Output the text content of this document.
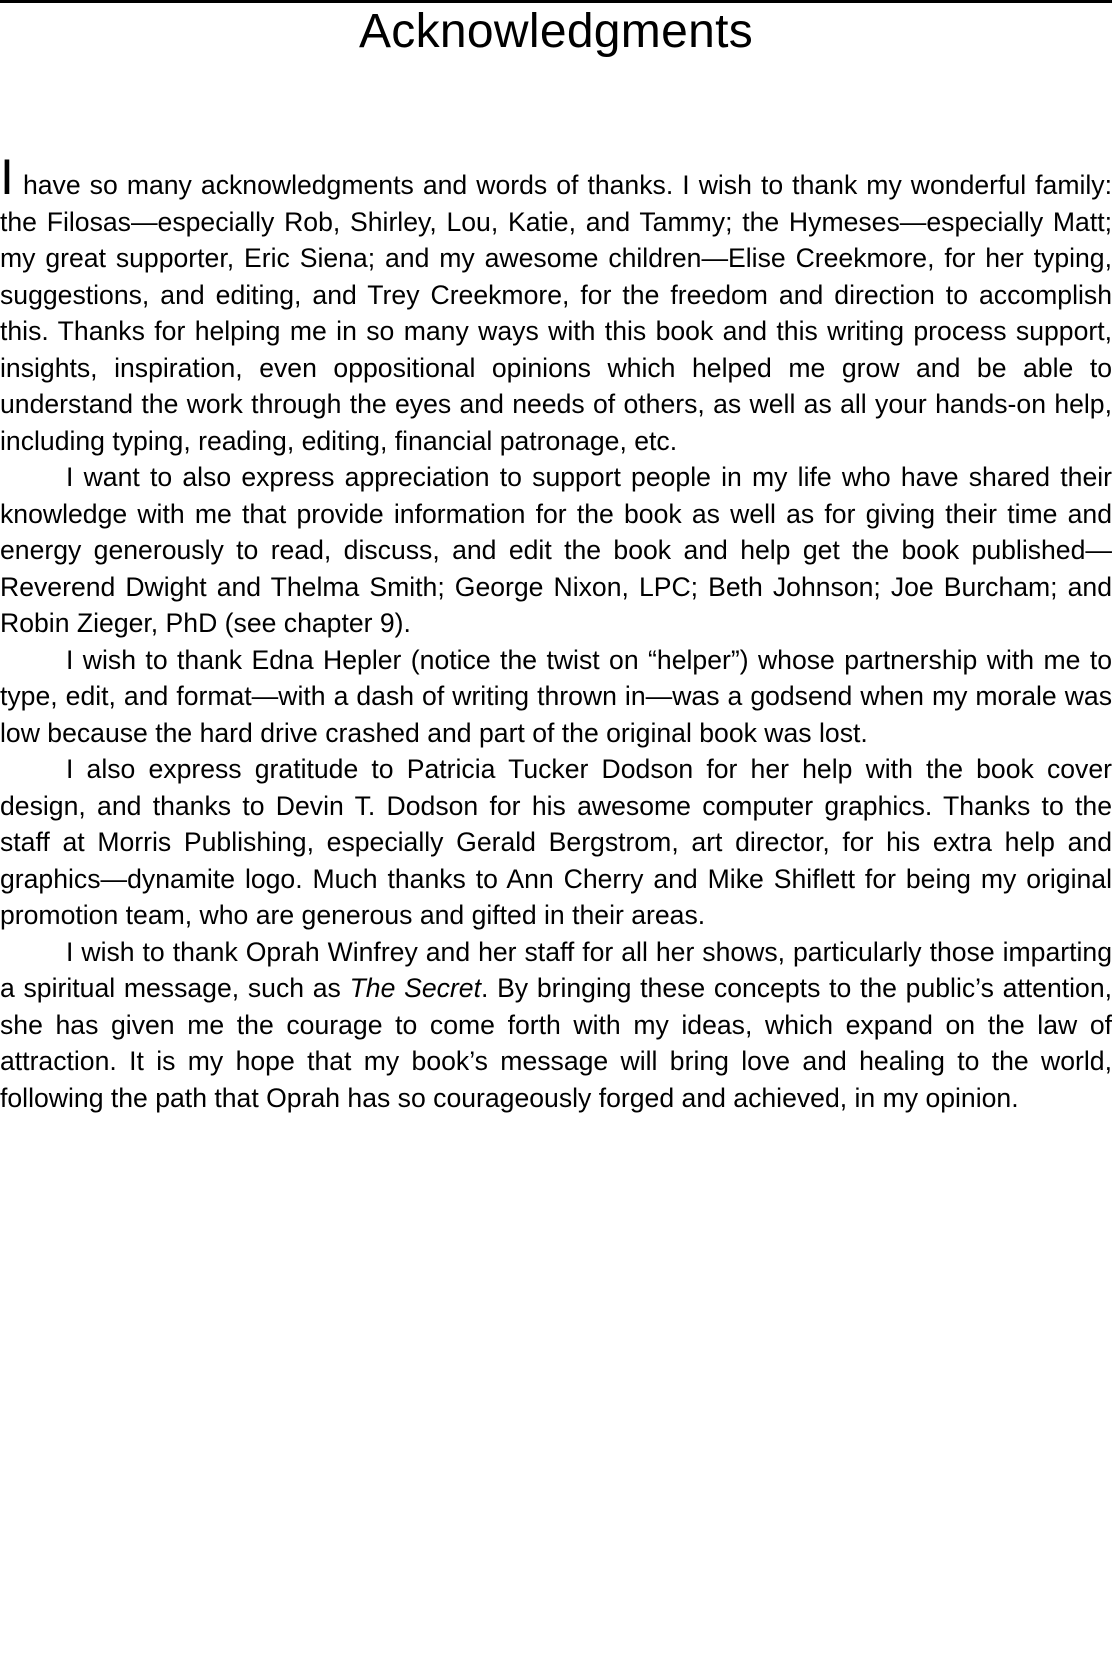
Acknowledgments

I have so many acknowledgments and words of thanks. I wish to thank my wonderful family: the Filosas—especially Rob, Shirley, Lou, Katie, and Tammy; the Hymeses—especially Matt; my great supporter, Eric Siena; and my awesome children—Elise Creekmore, for her typing, suggestions, and editing, and Trey Creekmore, for the freedom and direction to accomplish this. Thanks for helping me in so many ways with this book and this writing process support, insights, inspiration, even oppositional opinions which helped me grow and be able to understand the work through the eyes and needs of others, as well as all your hands-on help, including typing, reading, editing, financial patronage, etc.

I want to also express appreciation to support people in my life who have shared their knowledge with me that provide information for the book as well as for giving their time and energy generously to read, discuss, and edit the book and help get the book published—Reverend Dwight and Thelma Smith; George Nixon, LPC; Beth Johnson; Joe Burcham; and Robin Zieger, PhD (see chapter 9).

I wish to thank Edna Hepler (notice the twist on “helper”) whose partnership with me to type, edit, and format—with a dash of writing thrown in—was a godsend when my morale was low because the hard drive crashed and part of the original book was lost.

I also express gratitude to Patricia Tucker Dodson for her help with the book cover design, and thanks to Devin T. Dodson for his awesome computer graphics. Thanks to the staff at Morris Publishing, especially Gerald Bergstrom, art director, for his extra help and graphics—dynamite logo. Much thanks to Ann Cherry and Mike Shiflett for being my original promotion team, who are generous and gifted in their areas.

I wish to thank Oprah Winfrey and her staff for all her shows, particularly those imparting a spiritual message, such as The Secret. By bringing these concepts to the public’s attention, she has given me the courage to come forth with my ideas, which expand on the law of attraction. It is my hope that my book’s message will bring love and healing to the world, following the path that Oprah has so courageously forged and achieved, in my opinion.
